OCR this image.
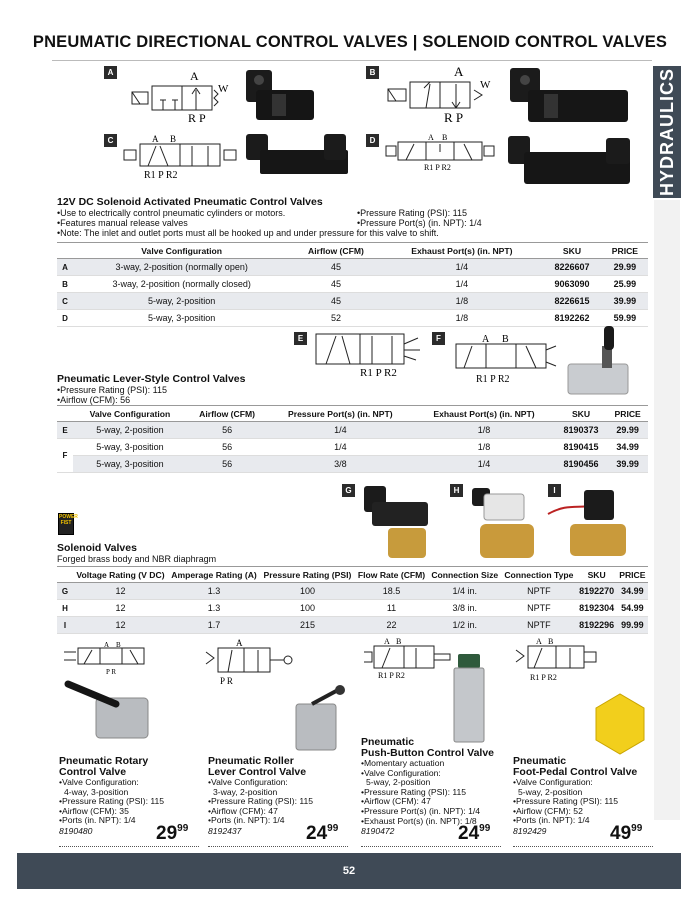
PNEUMATIC DIRECTIONAL CONTROL VALVES | SOLENOID CONTROL VALVES
HYDRAULICS
A	A
W
R P
B	A
W
R P
C	A B
R1 P R2
D	A B
R1 P R2
12V DC Solenoid Activated Pneumatic Control Valves
•Use to electrically control pneumatic cylinders or motors.
•Features manual release valves
•Pressure Rating (PSI): 115
•Pressure Port(s) (in. NPT): 1/4
•Note: The inlet and outlet ports must all be hooked up and under pressure for this valve to shift.
	Valve Configuration	Airflow (CFM)	Exhaust Port(s) (in. NPT)	SKU	PRICE
A	3-way, 2-position (normally open)	45	1/4	8226607	29.99
B	3-way, 2-position (normally closed)	45	1/4	9063090	25.99
C	5-way, 2-position	45	1/8	8226615	39.99
D	5-way, 3-position	52	1/8	8192262	59.99
E
R1 P R2
F	A B
R1 P R2
Pneumatic Lever-Style Control Valves
•Pressure Rating (PSI): 115
•Airflow (CFM): 56
	Valve Configuration	Airflow (CFM)	Pressure Port(s) (in. NPT)	Exhaust Port(s) (in. NPT)	SKU	PRICE
E	5-way, 2-position	56	1/4	1/8	8190373	29.99
F	5-way, 3-position	56	1/4	1/8	8190415	34.99
	5-way, 3-position	56	3/8	1/4	8190456	39.99
G	H	I
POWER
FIST
Solenoid Valves
Forged brass body and NBR diaphragm
	Voltage Rating (V DC)	Amperage Rating (A)	Pressure Rating (PSI)	Flow Rate (CFM)	Connection Size	Connection Type	SKU	PRICE
G	12	1.3	100	18.5	1/4 in.	NPTF	8192270	34.99
H	12	1.3	100	11	3/8 in.	NPTF	8192304	54.99
I	12	1.7	215	22	1/2 in.	NPTF	8192296	99.99
A B
P R
A
P R
A B
R1 P R2
A B
R1 P R2
Pneumatic Rotary
Control Valve
•Valve Configuration:
4-way, 3-position
•Pressure Rating (PSI): 115
•Airflow (CFM): 35
•Ports (in. NPT): 1/4
8190480	$29^{99}$
Pneumatic Roller
Lever Control Valve
•Valve Configuration:
3-way, 2-position
•Pressure Rating (PSI): 115
•Airflow (CFM): 47
•Ports (in. NPT): 1/4
8192437	$24^{99}$
Pneumatic
Push-Button Control Valve
•Momentary actuation
•Valve Configuration:
5-way, 2-position
•Pressure Rating (PSI): 115
•Airflow (CFM): 47
•Pressure Port(s) (in. NPT): 1/4
•Exhaust Port(s) (in. NPT): 1/8
8190472	$24^{99}$
Pneumatic
Foot-Pedal Control Valve
•Valve Configuration:
5-way, 2-position
•Pressure Rating (PSI): 115
•Airflow (CFM): 52
•Ports (in. NPT): 1/4
8192429	$49^{99}$
52
